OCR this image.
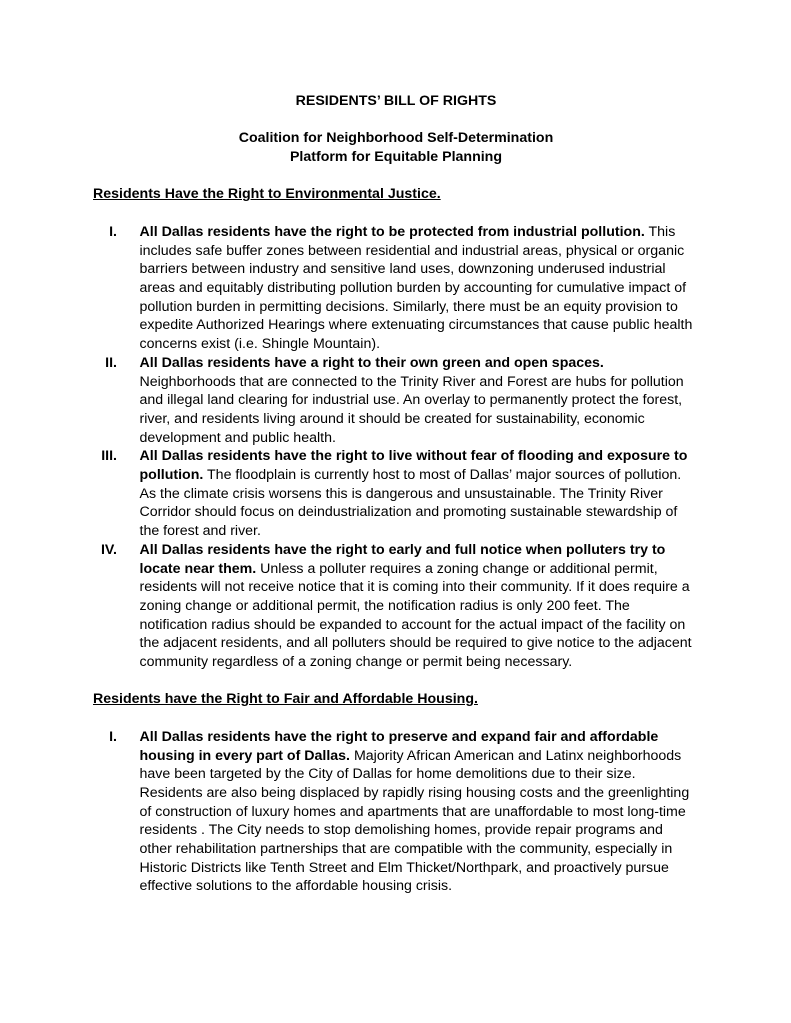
RESIDENTS’ BILL OF RIGHTS
Coalition for Neighborhood Self-Determination
Platform for Equitable Planning
Residents Have the Right to Environmental Justice.
I. All Dallas residents have the right to be protected from industrial pollution. This includes safe buffer zones between residential and industrial areas, physical or organic barriers between industry and sensitive land uses, downzoning underused industrial areas and equitably distributing pollution burden by accounting for cumulative impact of pollution burden in permitting decisions. Similarly, there must be an equity provision to expedite Authorized Hearings where extenuating circumstances that cause public health concerns exist (i.e. Shingle Mountain).
II. All Dallas residents have a right to their own green and open spaces. Neighborhoods that are connected to the Trinity River and Forest are hubs for pollution and illegal land clearing for industrial use. An overlay to permanently protect the forest, river, and residents living around it should be created for sustainability, economic development and public health.
III. All Dallas residents have the right to live without fear of flooding and exposure to pollution. The floodplain is currently host to most of Dallas’ major sources of pollution. As the climate crisis worsens this is dangerous and unsustainable. The Trinity River Corridor should focus on deindustrialization and promoting sustainable stewardship of the forest and river.
IV. All Dallas residents have the right to early and full notice when polluters try to locate near them. Unless a polluter requires a zoning change or additional permit, residents will not receive notice that it is coming into their community. If it does require a zoning change or additional permit, the notification radius is only 200 feet. The notification radius should be expanded to account for the actual impact of the facility on the adjacent residents, and all polluters should be required to give notice to the adjacent community regardless of a zoning change or permit being necessary.
Residents have the Right to Fair and Affordable Housing.
I. All Dallas residents have the right to preserve and expand fair and affordable housing in every part of Dallas. Majority African American and Latinx neighborhoods have been targeted by the City of Dallas for home demolitions due to their size. Residents are also being displaced by rapidly rising housing costs and the greenlighting of construction of luxury homes and apartments that are unaffordable to most long-time residents . The City needs to stop demolishing homes, provide repair programs and other rehabilitation partnerships that are compatible with the community, especially in Historic Districts like Tenth Street and Elm Thicket/Northpark, and proactively pursue effective solutions to the affordable housing crisis.
